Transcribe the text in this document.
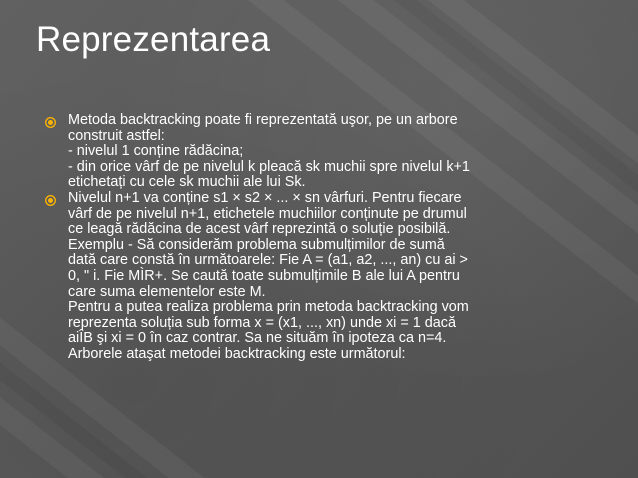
Reprezentarea

Metoda backtracking poate fi reprezentată uşor, pe un arbore
construit astfel:
- nivelul 1 conține rădăcina;
- din orice vârf de pe nivelul k pleacă sk muchii spre nivelul k+1
etichetați cu cele sk muchii ale lui Sk.

Nivelul n+1 va conține s1 × s2 × ... × sn vârfuri. Pentru fiecare
vârf de pe nivelul n+1, etichetele muchiilor conținute pe drumul
ce leagă rădăcina de acest vârf reprezintă o soluție posibilă.
Exemplu - Să considerăm problema submulțimilor de sumă
dată care constă în următoarele: Fie A = (a1, a2, ..., an) cu ai >
0, " i. Fie MÌR+. Se caută toate submulțimile B ale lui A pentru
care suma elementelor este M.
Pentru a putea realiza problema prin metoda backtracking vom
reprezenta soluția sub forma x = (x1, ..., xn) unde xi = 1 dacă
aiÎB şi xi = 0 în caz contrar. Sa ne situăm în ipoteza ca n=4.
Arborele ataşat metodei backtracking este următorul:
